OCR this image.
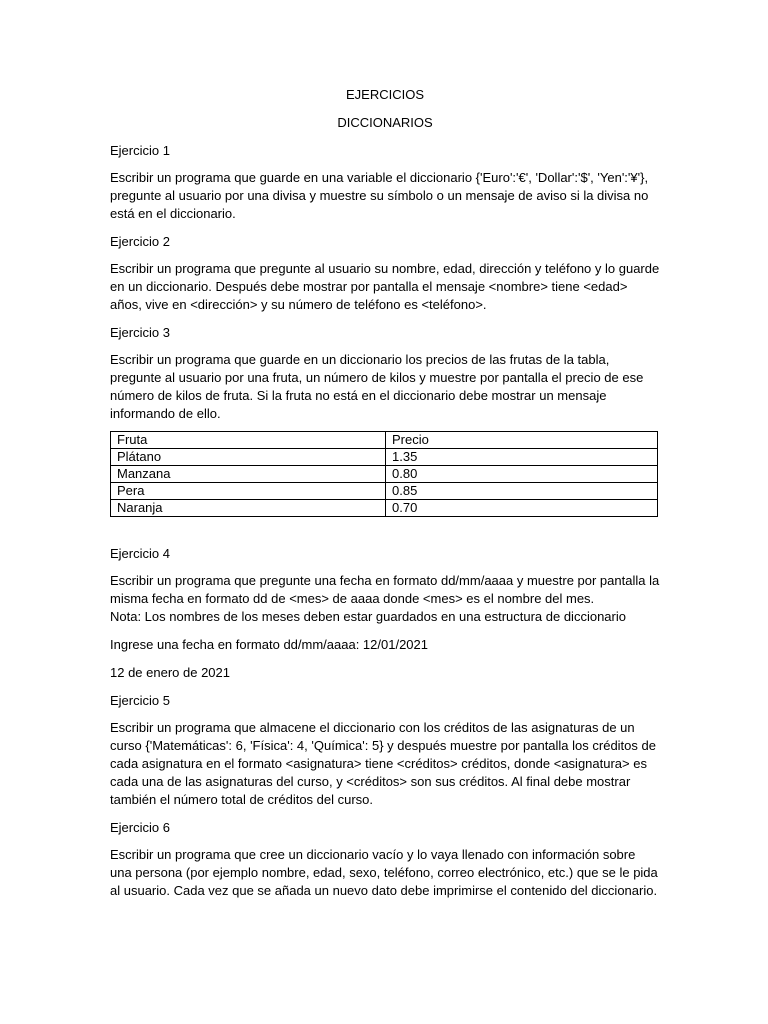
EJERCICIOS

DICCIONARIOS

Ejercicio 1

Escribir un programa que guarde en una variable el diccionario {'Euro':'€', 'Dollar':'$', 'Yen':'¥'}, pregunte al usuario por una divisa y muestre su símbolo o un mensaje de aviso si la divisa no está en el diccionario.

Ejercicio 2

Escribir un programa que pregunte al usuario su nombre, edad, dirección y teléfono y lo guarde en un diccionario. Después debe mostrar por pantalla el mensaje <nombre> tiene <edad> años, vive en <dirección> y su número de teléfono es <teléfono>.

Ejercicio 3

Escribir un programa que guarde en un diccionario los precios de las frutas de la tabla, pregunte al usuario por una fruta, un número de kilos y muestre por pantalla el precio de ese número de kilos de fruta. Si la fruta no está en el diccionario debe mostrar un mensaje informando de ello.

Fruta	Precio
Plátano	1.35
Manzana	0.80
Pera	0.85
Naranja	0.70

Ejercicio 4

Escribir un programa que pregunte una fecha en formato dd/mm/aaaa y muestre por pantalla la misma fecha en formato dd de <mes> de aaaa donde <mes> es el nombre del mes.

Nota: Los nombres de los meses deben estar guardados en una estructura de diccionario

Ingrese una fecha en formato dd/mm/aaaa: 12/01/2021

12 de enero de 2021

Ejercicio 5

Escribir un programa que almacene el diccionario con los créditos de las asignaturas de un curso {'Matemáticas': 6, 'Física': 4, 'Química': 5} y después muestre por pantalla los créditos de cada asignatura en el formato <asignatura> tiene <créditos> créditos, donde <asignatura> es cada una de las asignaturas del curso, y <créditos> son sus créditos. Al final debe mostrar también el número total de créditos del curso.

Ejercicio 6

Escribir un programa que cree un diccionario vacío y lo vaya llenado con información sobre una persona (por ejemplo nombre, edad, sexo, teléfono, correo electrónico, etc.) que se le pida al usuario. Cada vez que se añada un nuevo dato debe imprimirse el contenido del diccionario.
